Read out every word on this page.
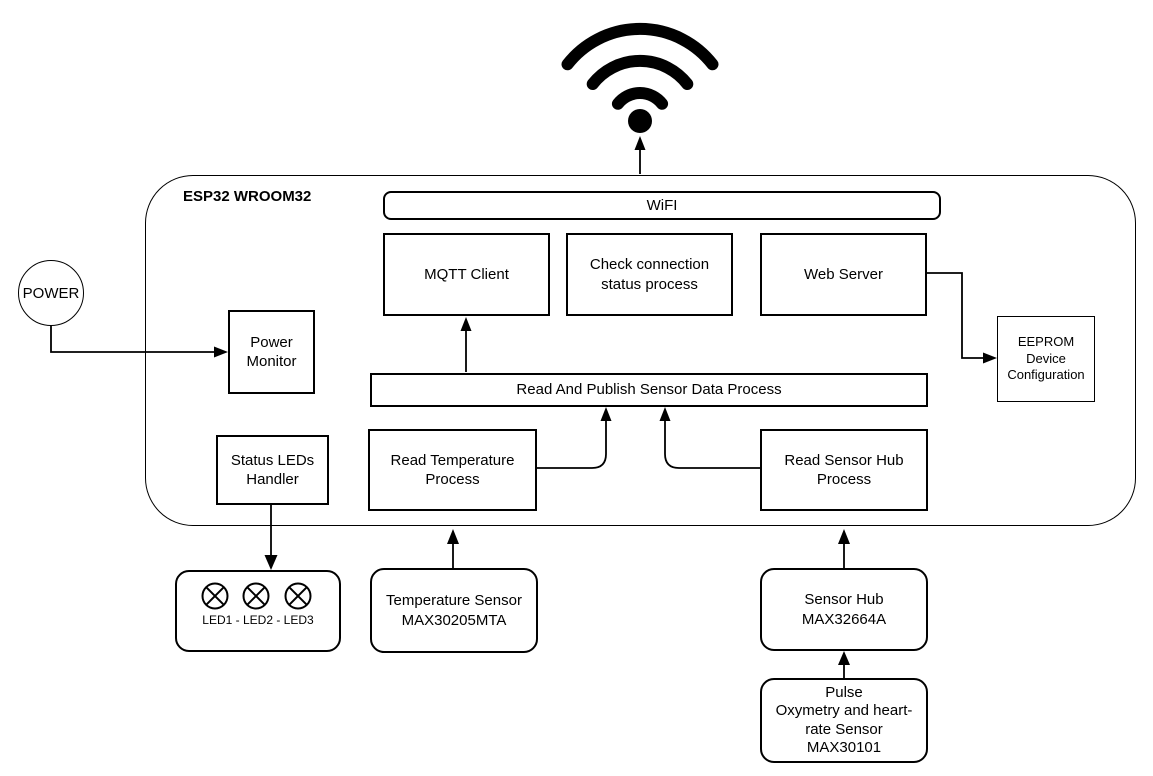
ESP32 WROOM32
WiFI
MQTT Client
Check connection
status process
Web Server
EEPROM
Device
Configuration
Read And Publish Sensor Data Process
Read Temperature
Process
Read Sensor Hub
Process
Status LEDs
Handler
POWER
Power
Monitor
LED1 - LED2 - LED3
Temperature Sensor
MAX30205MTA
Sensor Hub
MAX32664A
Pulse
Oxymetry and heart-
rate Sensor
MAX30101
